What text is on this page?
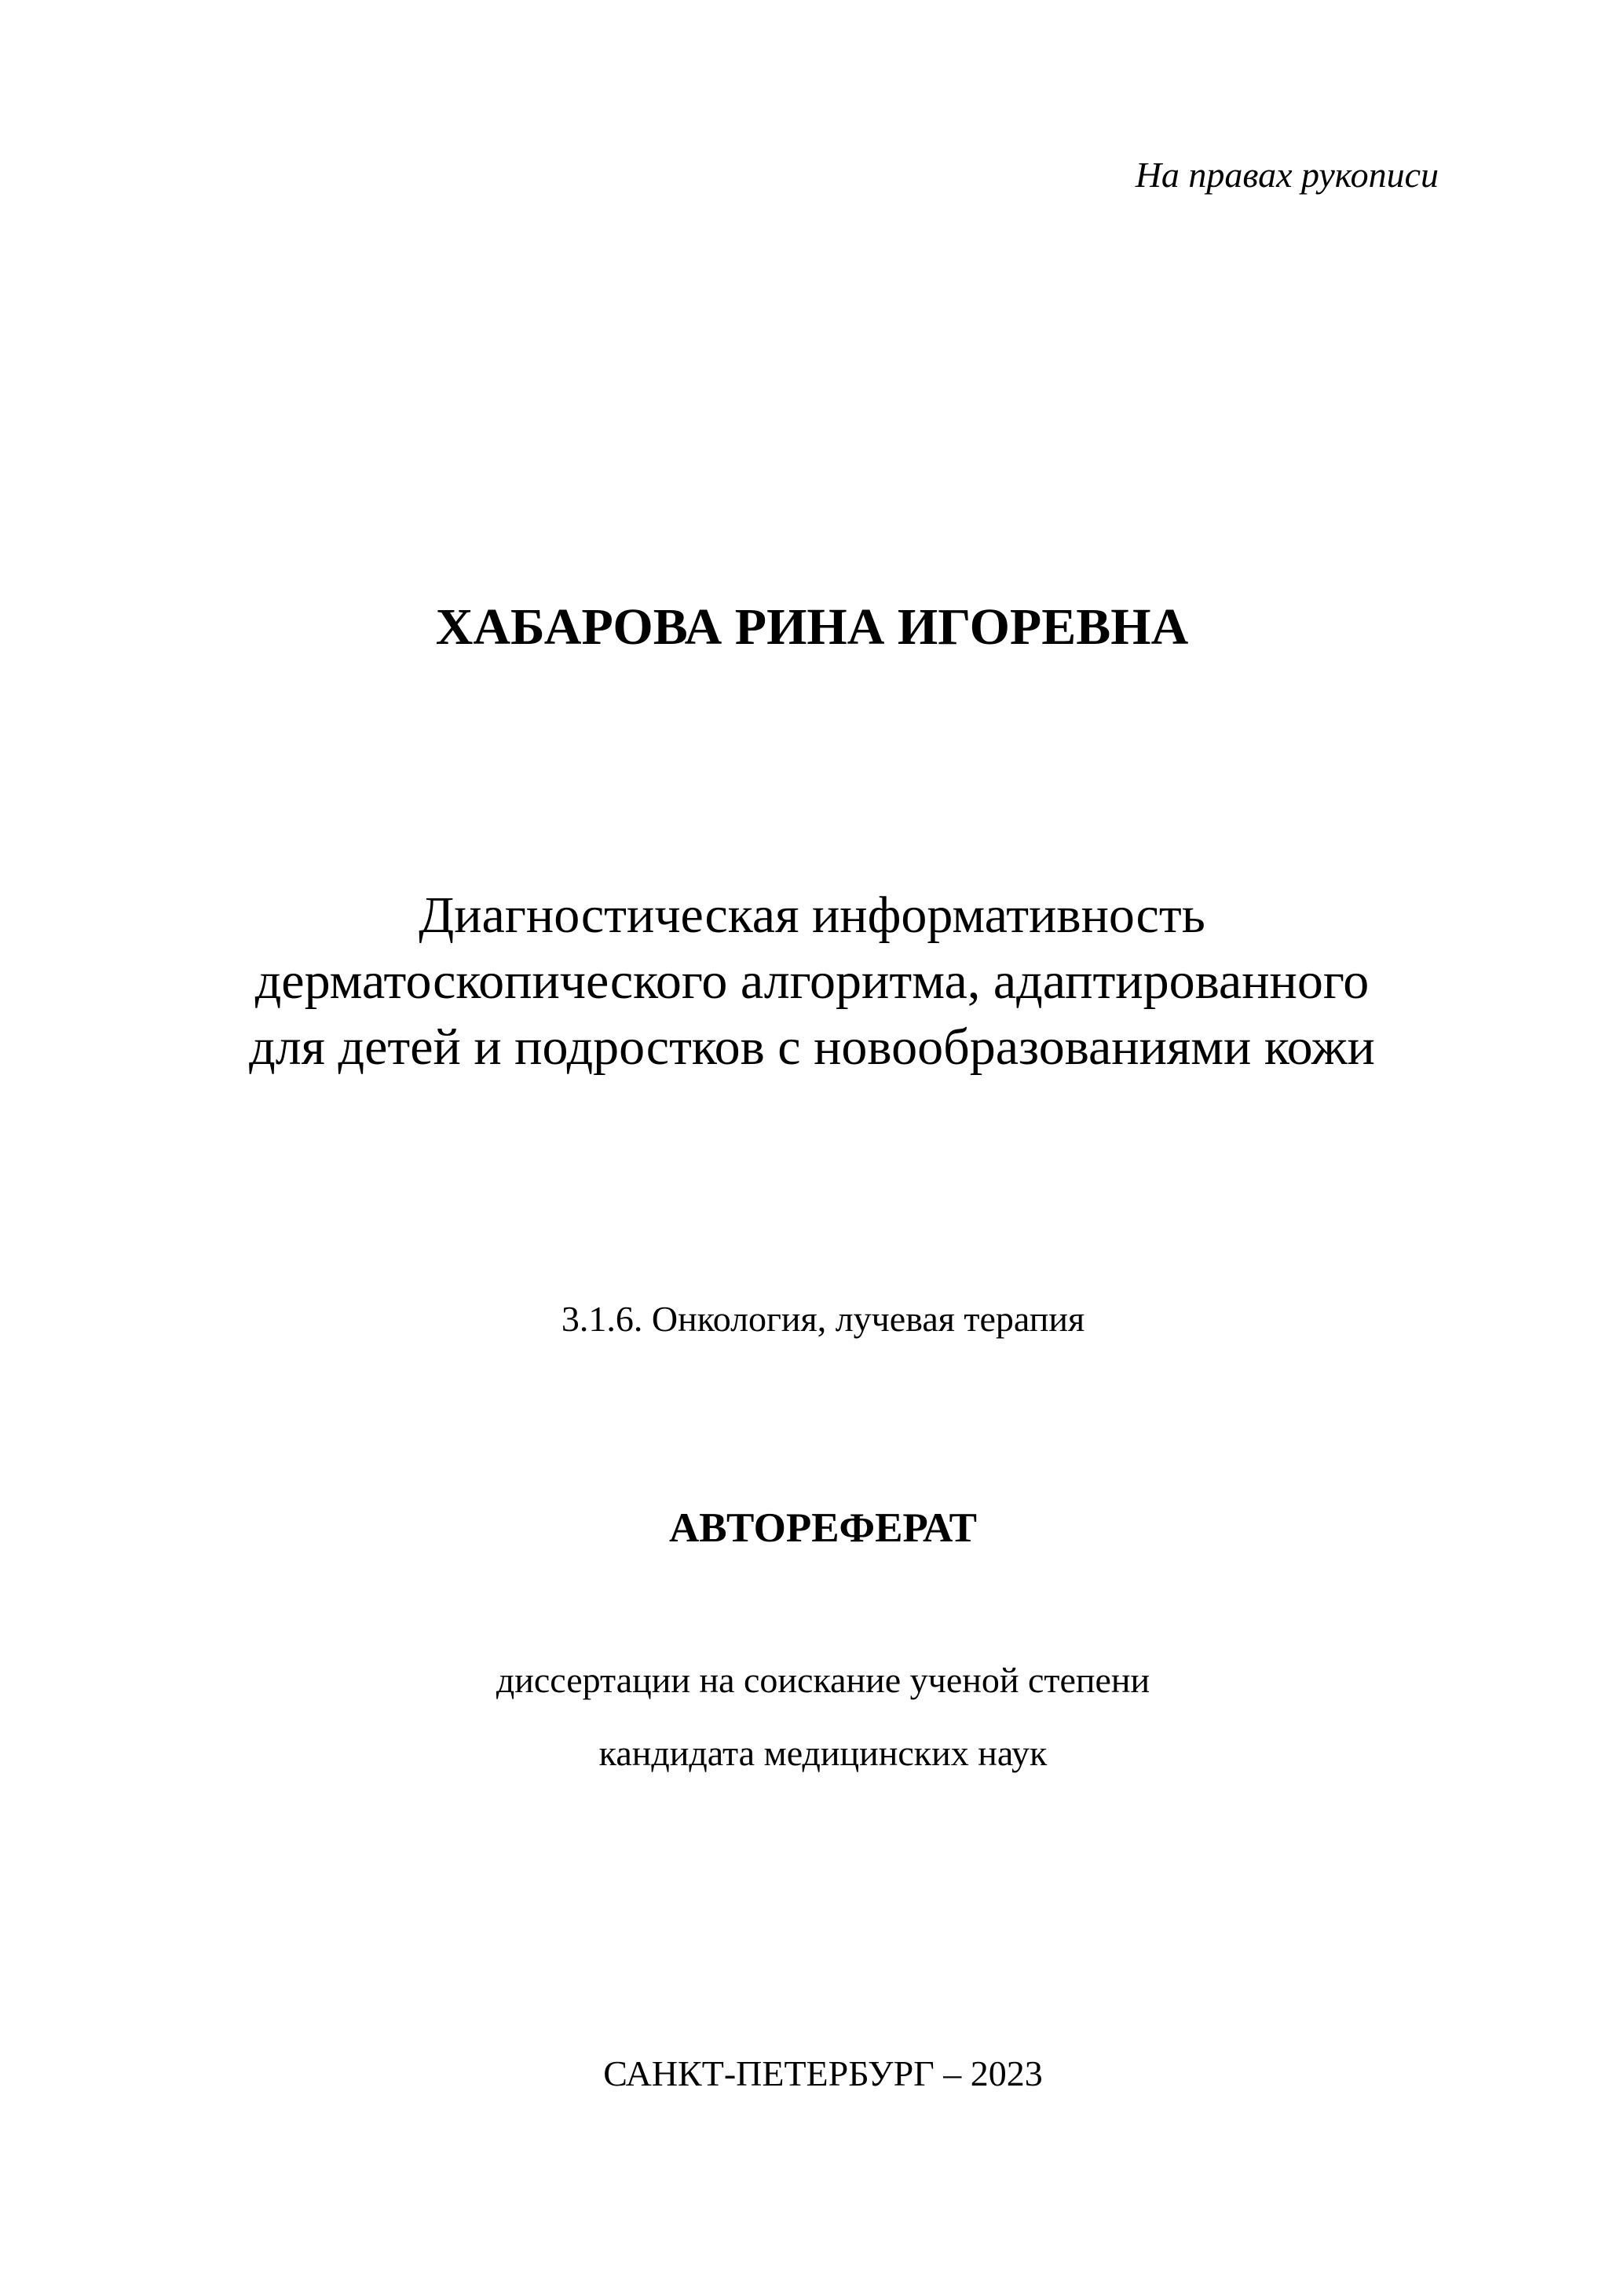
На правах рукописи
ХАБАРОВА РИНА ИГОРЕВНА
Диагностическая информативность
дерматоскопического алгоритма, адаптированного
для детей и подростков с новообразованиями кожи
3.1.6. Онкология, лучевая терапия
АВТОРЕФЕРАТ
диссертации на соискание ученой степени
кандидата медицинских наук
САНКТ-ПЕТЕРБУРГ – 2023
